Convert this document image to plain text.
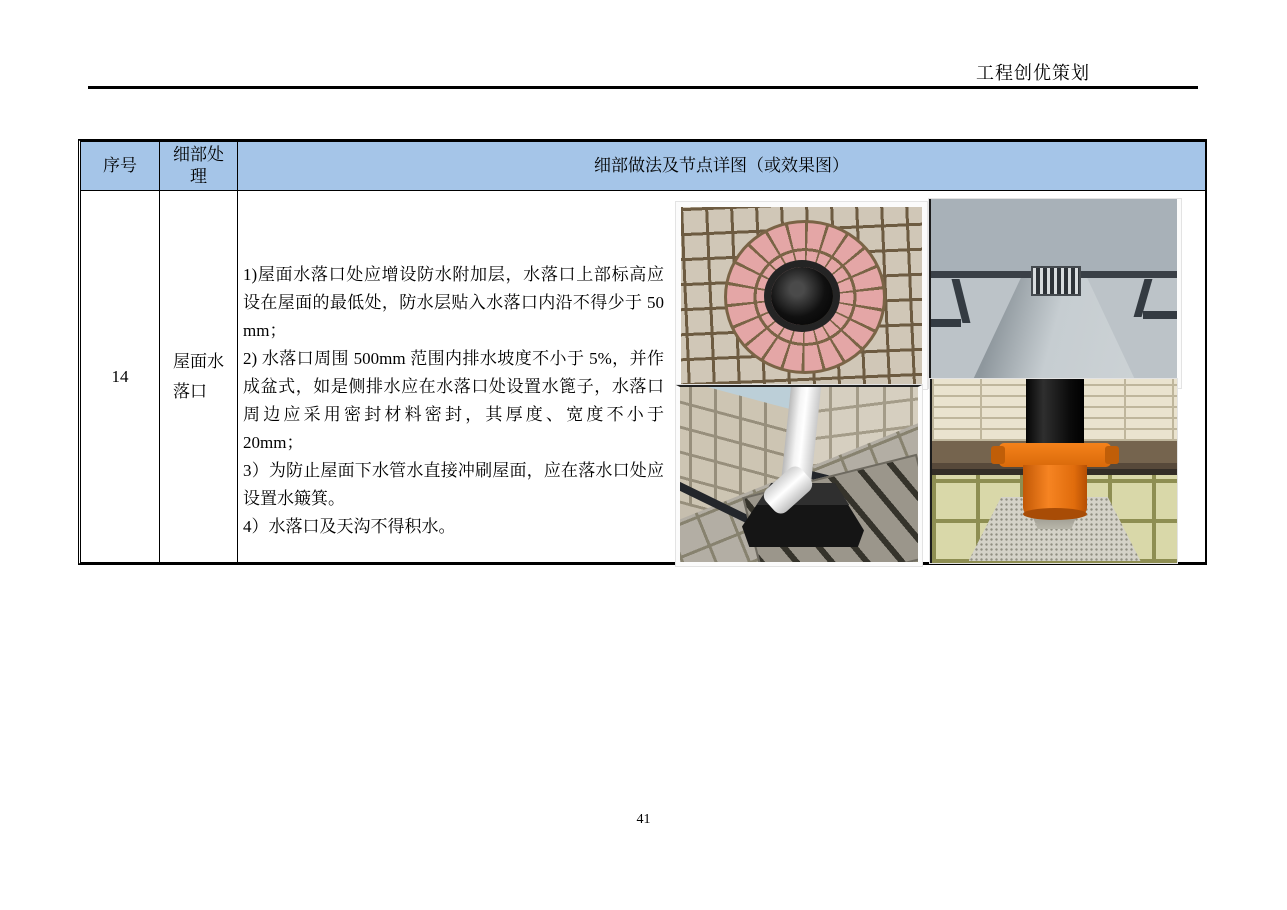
工程创优策划
序号
细部处理
细部做法及节点详图（或效果图）
14
屋面水落口

1)屋面水落口处应增设防水附加层，水落口上部标高应设在屋面的最低处，防水层贴入水落口内沿不得少于 50 mm；

2) 水落口周围 500mm 范围内排水坡度不小于 5%，并作成盆式，如是侧排水应在水落口处设置水篦子，水落口周边应采用密封材料密封，其厚度、宽度不小于 20mm；

3）为防止屋面下水管水直接冲刷屋面，应在落水口处应设置水簸箕。

4）水落口及天沟不得积水。

41
